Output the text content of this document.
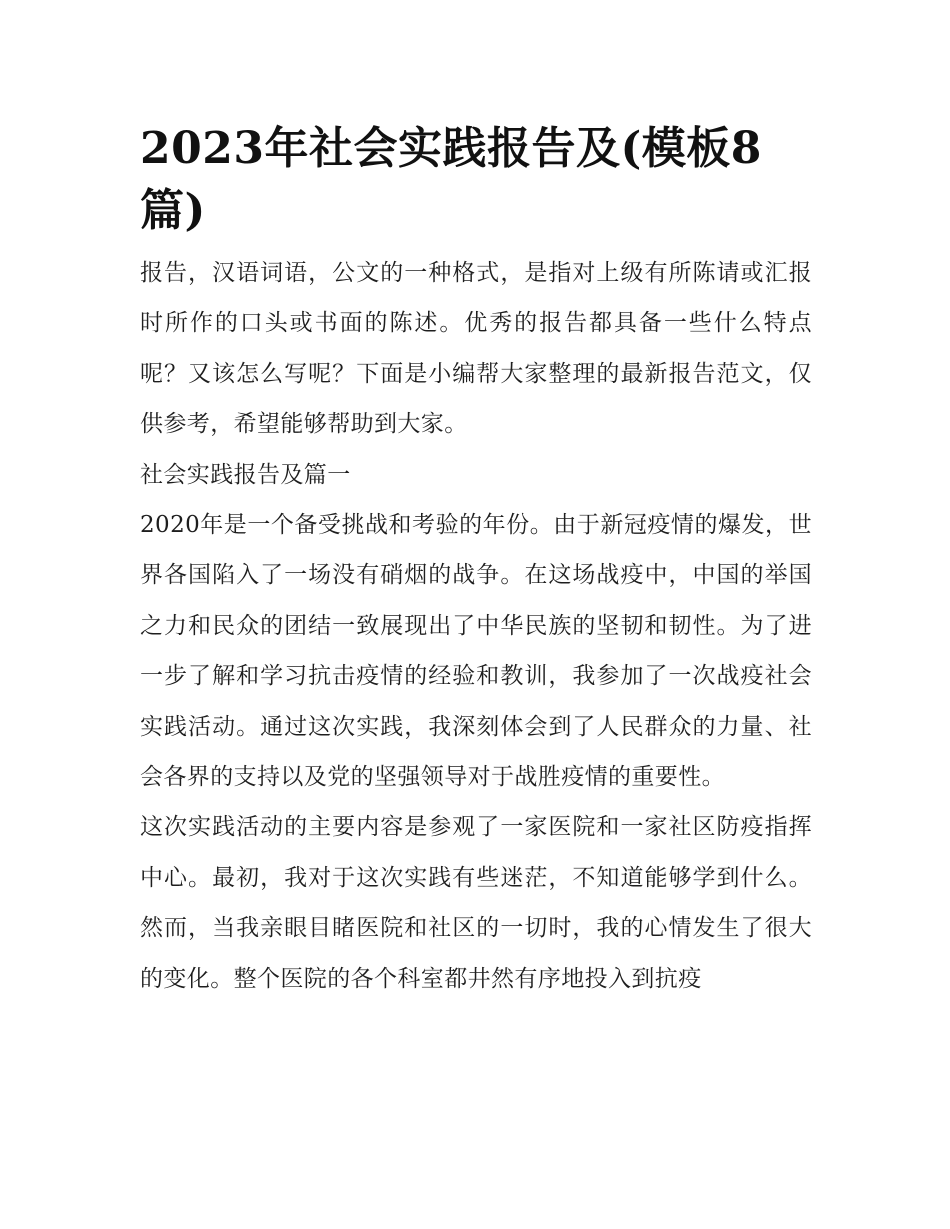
2023年社会实践报告及(模板8篇)

报告，汉语词语，公文的一种格式，是指对上级有所陈请或汇报时所作的口头或书面的陈述。优秀的报告都具备一些什么特点呢？又该怎么写呢？下面是小编帮大家整理的最新报告范文，仅供参考，希望能够帮助到大家。

社会实践报告及篇一

2020年是一个备受挑战和考验的年份。由于新冠疫情的爆发，世界各国陷入了一场没有硝烟的战争。在这场战疫中，中国的举国之力和民众的团结一致展现出了中华民族的坚韧和韧性。为了进一步了解和学习抗击疫情的经验和教训，我参加了一次战疫社会实践活动。通过这次实践，我深刻体会到了人民群众的力量、社会各界的支持以及党的坚强领导对于战胜疫情的重要性。

这次实践活动的主要内容是参观了一家医院和一家社区防疫指挥中心。最初，我对于这次实践有些迷茫，不知道能够学到什么。然而，当我亲眼目睹医院和社区的一切时，我的心情发生了很大的变化。整个医院的各个科室都井然有序地投入到抗疫
